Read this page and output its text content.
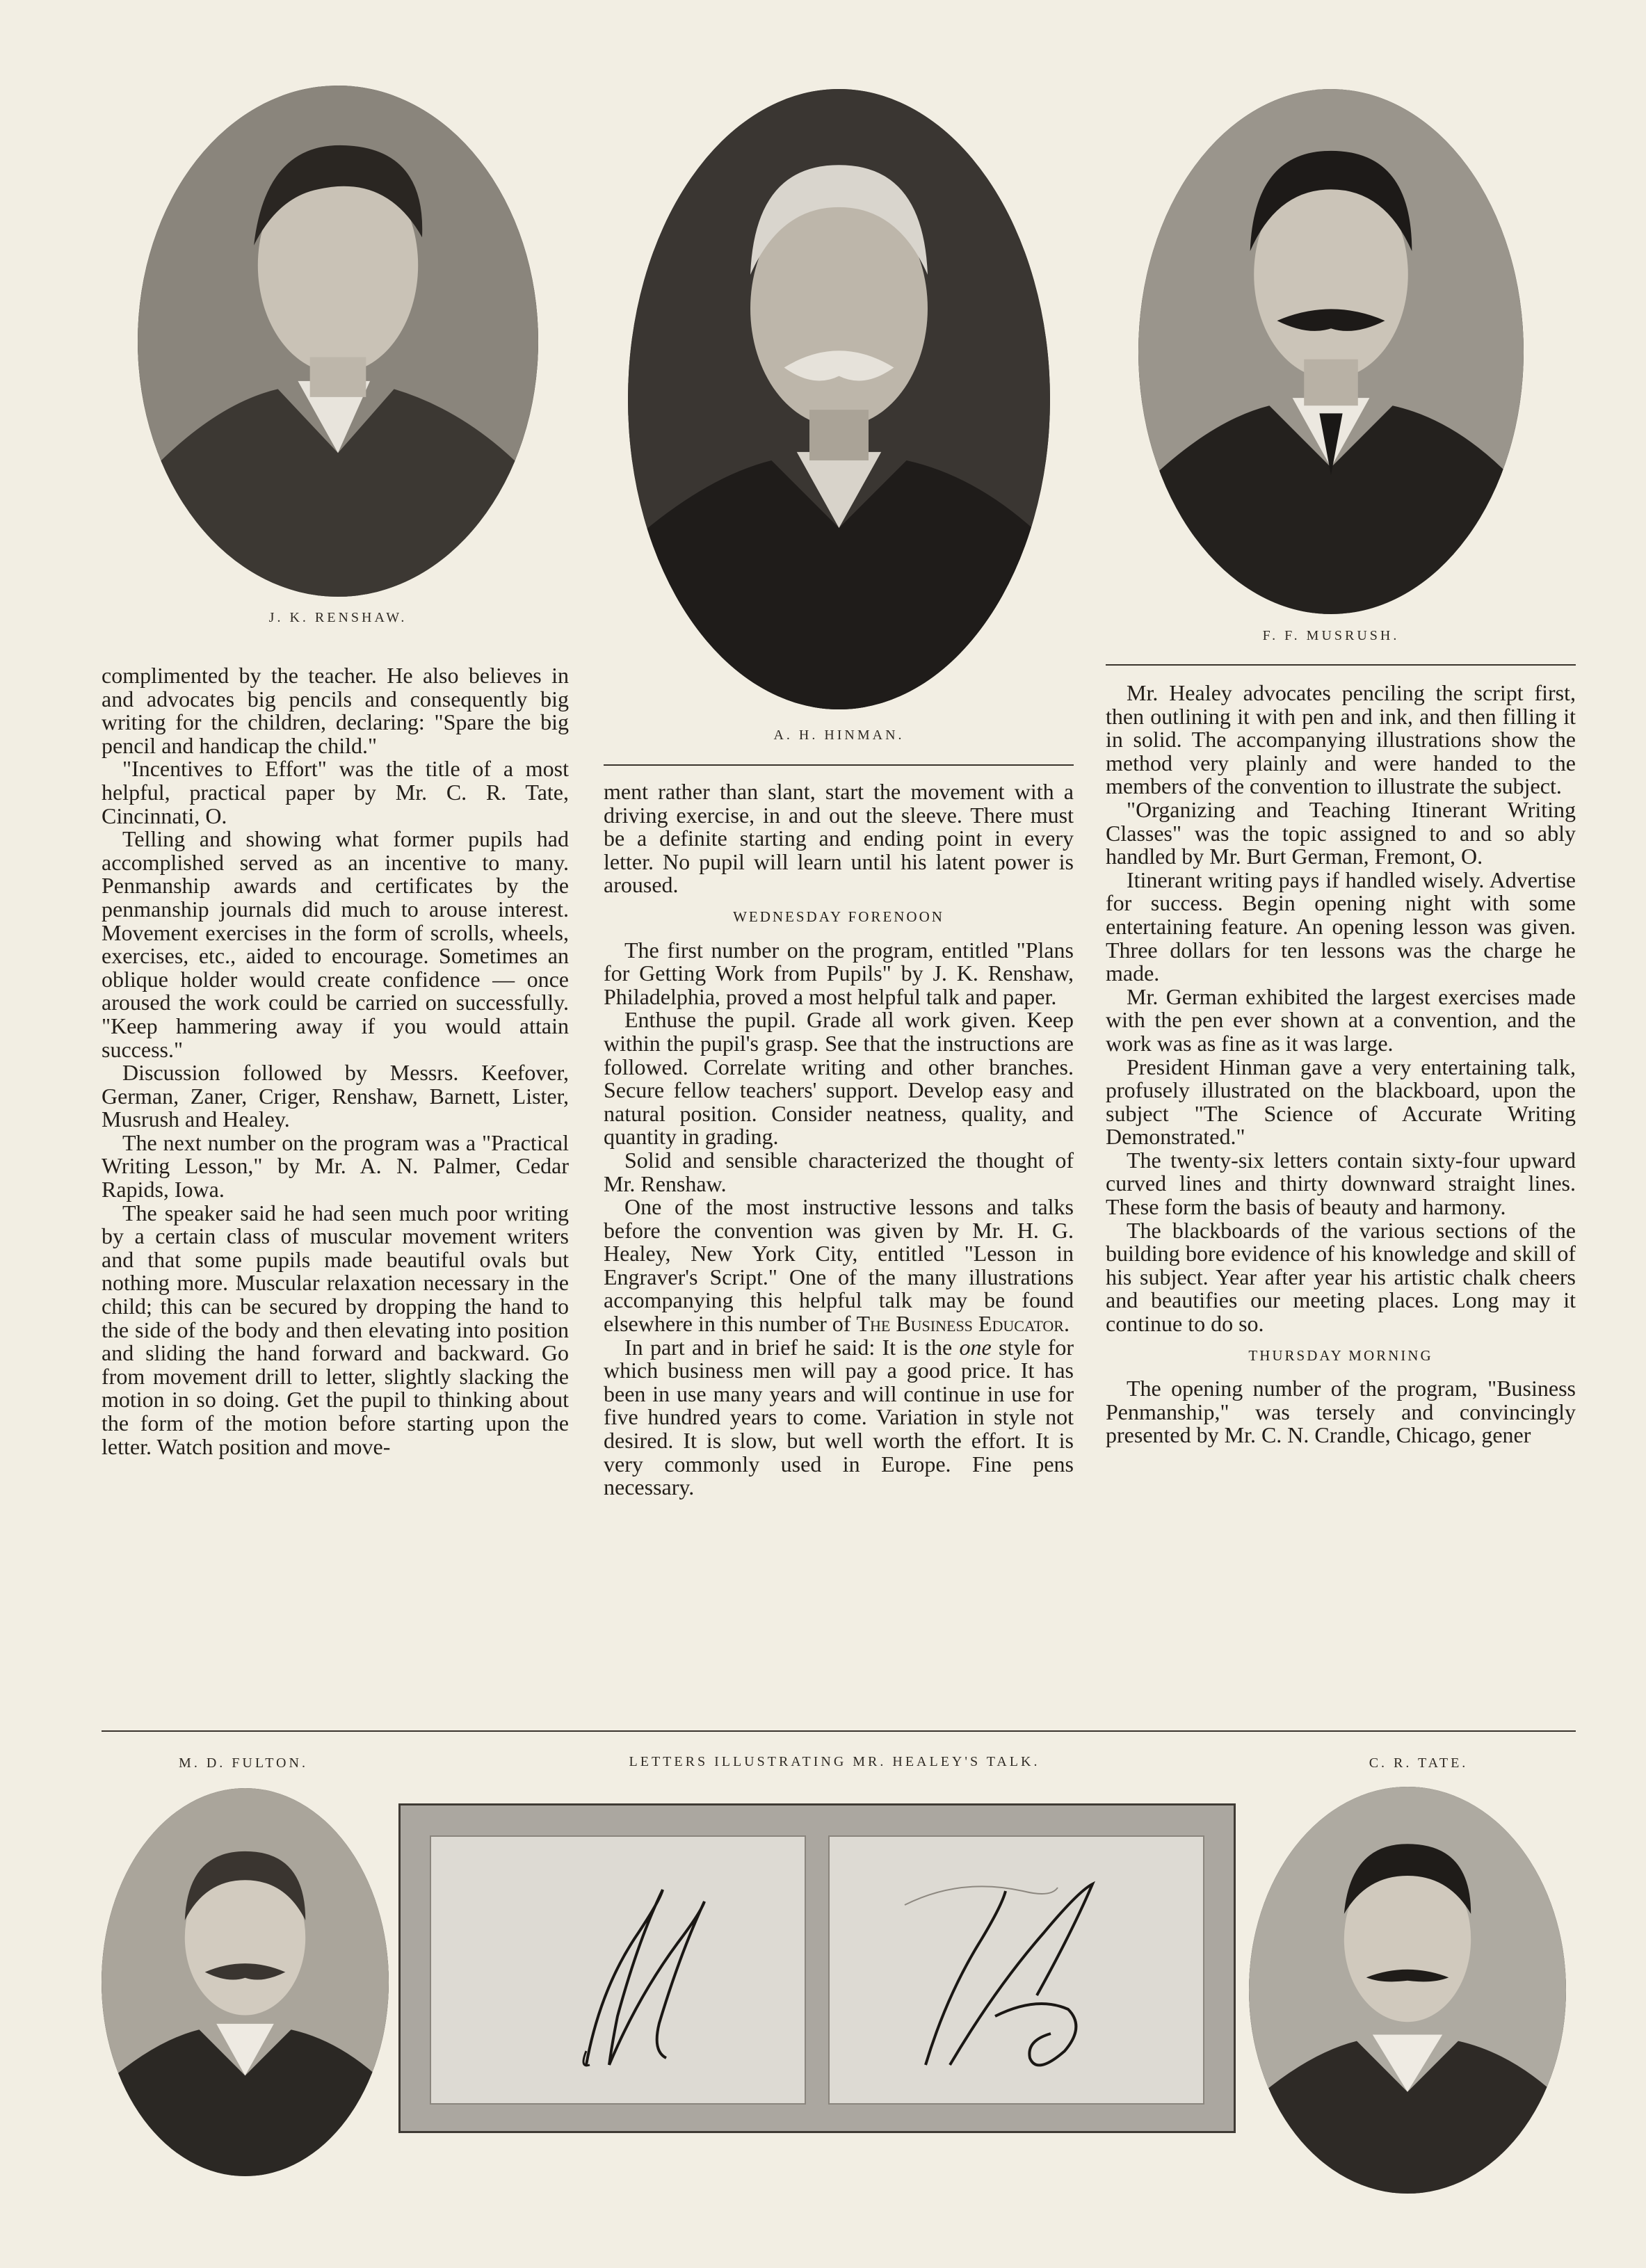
J. K. RENSHAW.
A. H. HINMAN.
F. F. MUSRUSH.

complimented by the teacher. He also believes in and advocates big pencils and consequently big writing for the children, declaring: "Spare the big pencil and handicap the child."

"Incentives to Effort" was the title of a most helpful, practical paper by Mr. C. R. Tate, Cincinnati, O.

Telling and showing what former pupils had accomplished served as an incentive to many. Penmanship awards and certificates by the penmanship journals did much to arouse interest. Movement exercises in the form of scrolls, wheels, exercises, etc., aided to encourage. Sometimes an oblique holder would create confidence — once aroused the work could be carried on successfully. "Keep hammering away if you would attain success."

Discussion followed by Messrs. Keefover, German, Zaner, Criger, Renshaw, Barnett, Lister, Musrush and Healey.

The next number on the program was a "Practical Writing Lesson," by Mr. A. N. Palmer, Cedar Rapids, Iowa.

The speaker said he had seen much poor writing by a certain class of muscular movement writers and that some pupils made beautiful ovals but nothing more. Muscular relaxation necessary in the child; this can be secured by dropping the hand to the side of the body and then elevating into position and sliding the hand forward and backward. Go from movement drill to letter, slightly slacking the motion in so doing. Get the pupil to thinking about the form of the motion before starting upon the letter. Watch position and move-

ment rather than slant, start the movement with a driving exercise, in and out the sleeve. There must be a definite starting and ending point in every letter. No pupil will learn until his latent power is aroused.

WEDNESDAY FORENOON

The first number on the program, entitled "Plans for Getting Work from Pupils" by J. K. Renshaw, Philadelphia, proved a most helpful talk and paper.

Enthuse the pupil. Grade all work given. Keep within the pupil's grasp. See that the instructions are followed. Correlate writing and other branches. Secure fellow teachers' support. Develop easy and natural position. Consider neatness, quality, and quantity in grading.

Solid and sensible characterized the thought of Mr. Renshaw.

One of the most instructive lessons and talks before the convention was given by Mr. H. G. Healey, New York City, entitled "Lesson in Engraver's Script." One of the many illustrations accompanying this helpful talk may be found elsewhere in this number of The Business Educator.

In part and in brief he said: It is the one style for which business men will pay a good price. It has been in use many years and will continue in use for five hundred years to come. Variation in style not desired. It is slow, but well worth the effort. It is very commonly used in Europe. Fine pens necessary.

Mr. Healey advocates penciling the script first, then outlining it with pen and ink, and then filling it in solid. The accompanying illustrations show the method very plainly and were handed to the members of the convention to illustrate the subject.

"Organizing and Teaching Itinerant Writing Classes" was the topic assigned to and so ably handled by Mr. Burt German, Fremont, O.

Itinerant writing pays if handled wisely. Advertise for success. Begin opening night with some entertaining feature. An opening lesson was given. Three dollars for ten lessons was the charge he made.

Mr. German exhibited the largest exercises made with the pen ever shown at a convention, and the work was as fine as it was large.

President Hinman gave a very entertaining talk, profusely illustrated on the blackboard, upon the subject "The Science of Accurate Writing Demonstrated."

The twenty-six letters contain sixty-four upward curved lines and thirty downward straight lines. These form the basis of beauty and harmony.

The blackboards of the various sections of the building bore evidence of his knowledge and skill of his subject. Year after year his artistic chalk cheers and beautifies our meeting places. Long may it continue to do so.

THURSDAY MORNING

The opening number of the program, "Business Penmanship," was tersely and convincingly presented by Mr. C. N. Crandle, Chicago, gener

M. D. FULTON.	LETTERS ILLUSTRATING MR. HEALEY'S TALK.	C. R. TATE.
